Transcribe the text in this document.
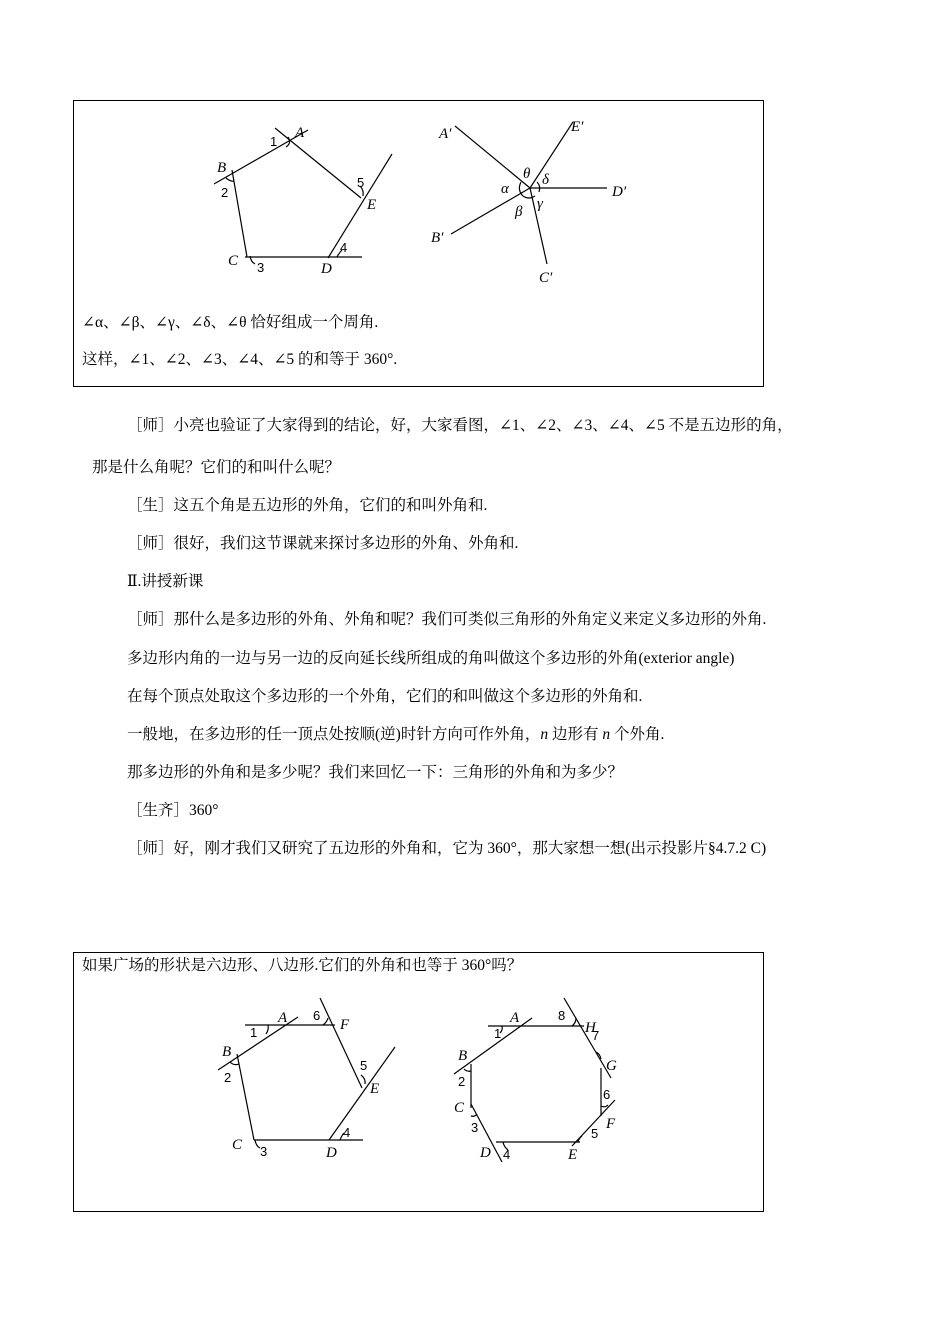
A
B
C	D
E
1
2
3
4
5
A′
B′
C′
D′
E′
α
β γ
δ
θ
∠α、∠β、∠γ、∠δ、∠θ 恰好组成一个周角.
这样，∠1、∠2、∠3、∠4、∠5 的和等于 360°.
［师］小亮也验证了大家得到的结论，好，大家看图，∠1、∠2、∠3、∠4、∠5 不是五边形的角，
那是什么角呢？它们的和叫什么呢？
［生］这五个角是五边形的外角，它们的和叫外角和.
［师］很好，我们这节课就来探讨多边形的外角、外角和.
Ⅱ.讲授新课
［师］那什么是多边形的外角、外角和呢？我们可类似三角形的外角定义来定义多边形的外角.
多边形内角的一边与另一边的反向延长线所组成的角叫做这个多边形的外角(exterior angle)
在每个顶点处取这个多边形的一个外角，它们的和叫做这个多边形的外角和.
一般地，在多边形的任一顶点处按顺(逆)时针方向可作外角，n 边形有 n 个外角.
那多边形的外角和是多少呢？我们来回忆一下：三角形的外角和为多少？
［生齐］360°
［师］好，刚才我们又研究了五边形的外角和，它为 360°，那大家想一想(出示投影片§4.7.2 C)
如果广场的形状是六边形、八边形.它们的外角和也等于 360°吗？
A
B
C	D
E
F
1
2
3
4
5
6	A
B
C
D	E
F
G
H
1
2
3
4
5
6
7
8
